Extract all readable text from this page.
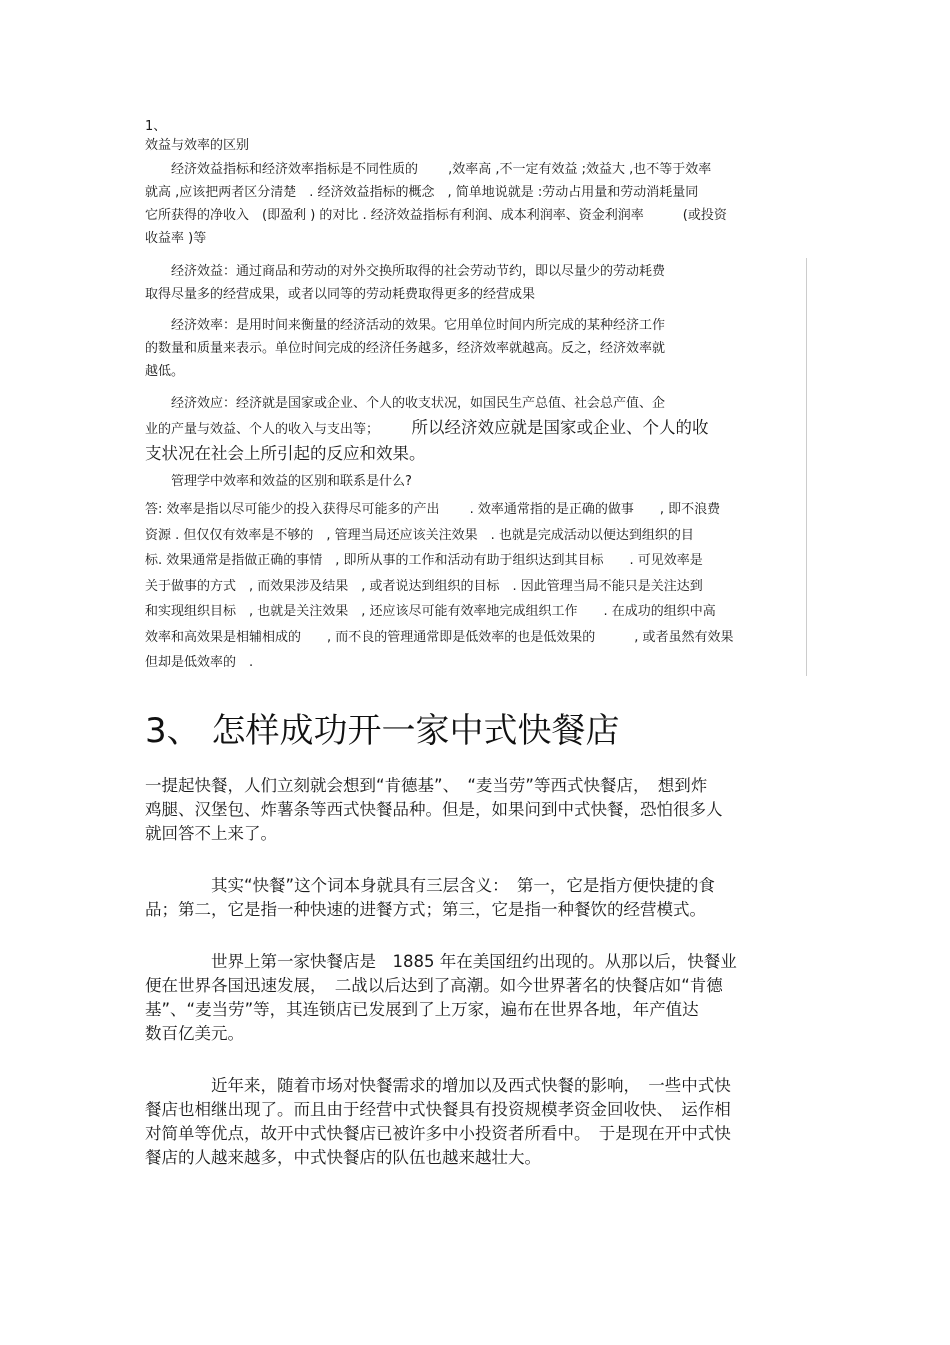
1、
效益与效率的区别
　　经济效益指标和经济效率指标是不同性质的　　 ,效率高 ,不一定有效益 ;效益大 ,也不等于效率
就高 ,应该把两者区分清楚　. 经济效益指标的概念　, 简单地说就是 :劳动占用量和劳动消耗量同
它所获得的净收入　(即盈利 ) 的对比 . 经济效益指标有利润、成本利润率、资金利润率　　　(或投资
收益率 )等
　　经济效益：通过商品和劳动的对外交换所取得的社会劳动节约，即以尽量少的劳动耗费
取得尽量多的经营成果，或者以同等的劳动耗费取得更多的经营成果
　　经济效率：是用时间来衡量的经济活动的效果。它用单位时间内所完成的某种经济工作
的数量和质量来表示。单位时间完成的经济任务越多，经济效率就越高。反之，经济效率就
越低。
　　经济效应：经济就是国家或企业、个人的收支状况，如国民生产总值、社会总产值、企
业的产量与效益、个人的收入与支出等；　　　所以经济效应就是国家或企业、个人的收
支状况在社会上所引起的反应和效果。
　　管理学中效率和效益的区别和联系是什么?
答: 效率是指以尽可能少的投入获得尽可能多的产出　　 . 效率通常指的是正确的做事　　, 即不浪费
资源 . 但仅仅有效率是不够的　, 管理当局还应该关注效果　. 也就是完成活动以便达到组织的目
标. 效果通常是指做正确的事情　, 即所从事的工作和活动有助于组织达到其目标　　. 可见效率是
关于做事的方式　, 而效果涉及结果　, 或者说达到组织的目标　. 因此管理当局不能只是关注达到
和实现组织目标　, 也就是关注效果　, 还应该尽可能有效率地完成组织工作　　. 在成功的组织中高
效率和高效果是相辅相成的　　, 而不良的管理通常即是低效率的也是低效果的　　　, 或者虽然有效果
但却是低效率的　.
3、 怎样成功开一家中式快餐店
一提起快餐，人们立刻就会想到“肯德基”、　“麦当劳”等西式快餐店，　想到炸
鸡腿、汉堡包、炸薯条等西式快餐品种。但是，如果问到中式快餐，恐怕很多人
就回答不上来了。
　　　　其实“快餐”这个词本身就具有三层含义：　第一，它是指方便快捷的食
品；第二，它是指一种快速的进餐方式；第三，它是指一种餐饮的经营模式。
　　　　世界上第一家快餐店是　1885 年在美国纽约出现的。从那以后，快餐业
便在世界各国迅速发展，　二战以后达到了高潮。如今世界著名的快餐店如“肯德
基”、“麦当劳”等，其连锁店已发展到了上万家，遍布在世界各地，年产值达
数百亿美元。
　　　　近年来，随着市场对快餐需求的增加以及西式快餐的影响，　一些中式快
餐店也相继出现了。而且由于经营中式快餐具有投资规模孝资金回收快、　运作相
对简单等优点，故开中式快餐店已被许多中小投资者所看中。　于是现在开中式快
餐店的人越来越多，中式快餐店的队伍也越来越壮大。
